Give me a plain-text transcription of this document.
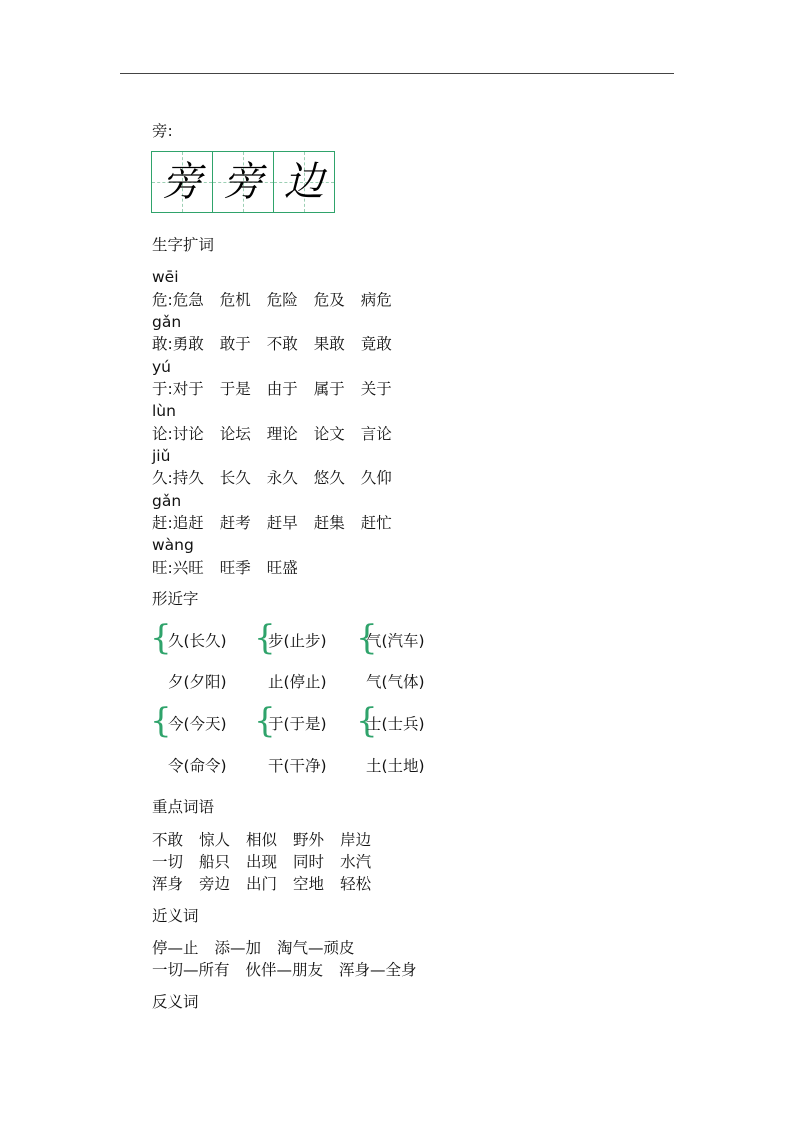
旁:
旁 旁 边
生字扩词
wēi
危:危急 危机 危险 危及 病危
gǎn
敢:勇敢 敢于 不敢 果敢 竟敢
yú
于:对于 于是 由于 属于 关于
lùn
论:讨论 论坛 理论 论文 言论
jiǔ
久:持久 长久 永久 悠久 久仰
gǎn
赶:追赶 赶考 赶早 赶集 赶忙
wàng
旺:兴旺 旺季 旺盛
形近字
{
久(长久)
夕(夕阳)
{
步(止步)
止(停止)
{
气(汽车)
气(气体)
{
今(今天)
令(命令)
{
于(于是)
干(干净)
{
士(士兵)
土(土地)
重点词语
不敢 惊人 相似 野外 岸边
一切 船只 出现 同时 水汽
浑身 旁边 出门 空地 轻松
近义词
停—止 添—加 淘气—顽皮
一切—所有 伙伴—朋友 浑身—全身
反义词
